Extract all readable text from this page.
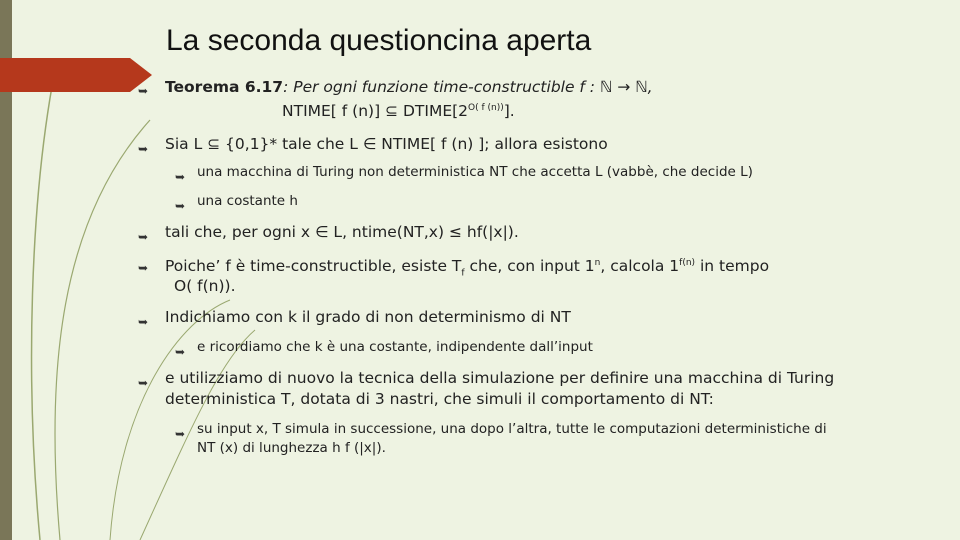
La seconda questioncina aperta
➥
Teorema 6.17: Per ogni funzione time-constructible f : ℕ → ℕ,
NTIME[ f (n)] ⊆ $DTIME[2^{O( f (n))}]$.
➥
Sia L ⊆ {0,1}* tale che L ∈ NTIME[ f (n) ]; allora esistono
➥
una macchina di Turing non deterministica NT che accetta L (vabbè, che decide L)
➥
una costante h
➥
tali che, per ogni x ∈ L, ntime(NT,x) ≤ hf(|x|).
➥
Poiche’ f è time-constructible, esiste $T_f$ che, con input 1$^n$, calcola $1^{f(n)}$ in tempo
O( f(n)).
➥
Indichiamo con k il grado di non determinismo di NT
➥
e ricordiamo che k è una costante, indipendente dall’input
➥
e utilizziamo di nuovo la tecnica della simulazione per definire una macchina di Turing
deterministica T, dotata di 3 nastri, che simuli il comportamento di NT:
➥
su input x, T simula in successione, una dopo l’altra, tutte le computazioni deterministiche di
NT (x) di lunghezza h f (|x|).
